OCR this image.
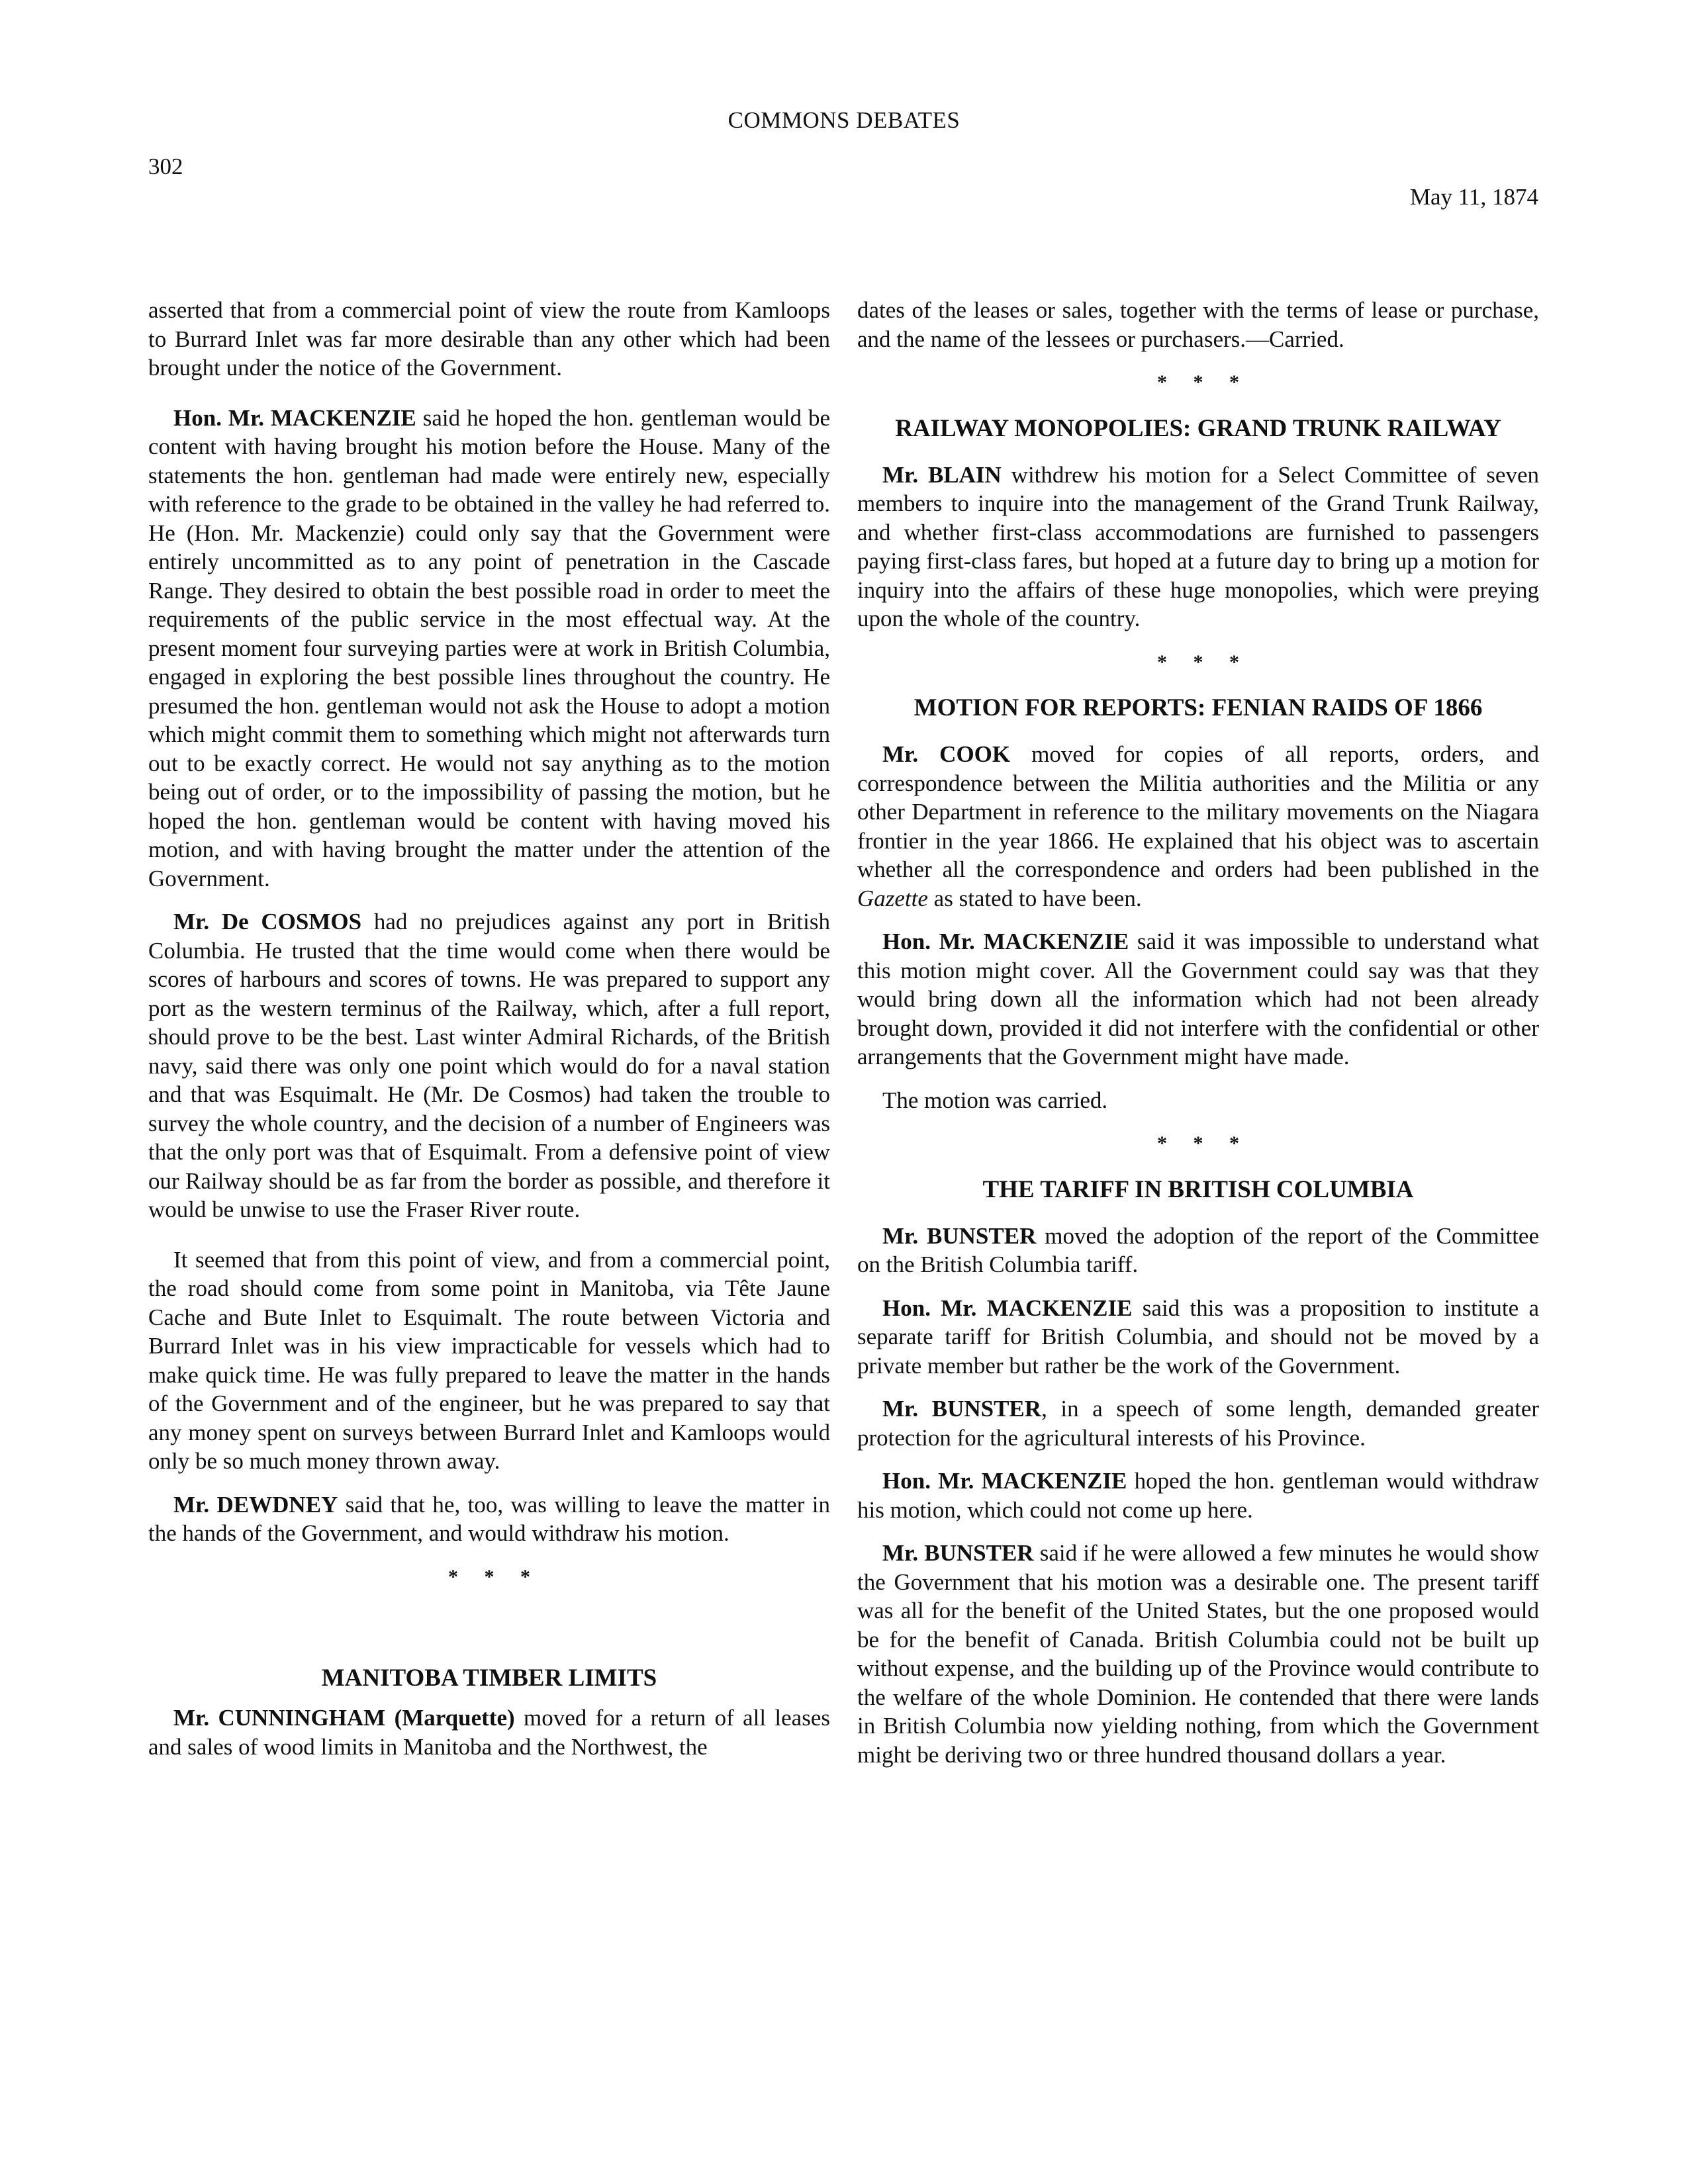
COMMONS DEBATES
302
May 11, 1874

asserted that from a commercial point of view the route from Kamloops to Burrard Inlet was far more desirable than any other which had been brought under the notice of the Government.

Hon. Mr. MACKENZIE said he hoped the hon. gentleman would be content with having brought his motion before the House. Many of the statements the hon. gentleman had made were entirely new, especially with reference to the grade to be obtained in the valley he had referred to. He (Hon. Mr. Mackenzie) could only say that the Government were entirely uncommitted as to any point of penetration in the Cascade Range. They desired to obtain the best possible road in order to meet the requirements of the public service in the most effectual way. At the present moment four surveying parties were at work in British Columbia, engaged in exploring the best possible lines throughout the country. He presumed the hon. gentleman would not ask the House to adopt a motion which might commit them to something which might not afterwards turn out to be exactly correct. He would not say anything as to the motion being out of order, or to the impossibility of passing the motion, but he hoped the hon. gentleman would be content with having moved his motion, and with having brought the matter under the attention of the Government.

Mr. De COSMOS had no prejudices against any port in British Columbia. He trusted that the time would come when there would be scores of harbours and scores of towns. He was prepared to support any port as the western terminus of the Railway, which, after a full report, should prove to be the best. Last winter Admiral Richards, of the British navy, said there was only one point which would do for a naval station and that was Esquimalt. He (Mr. De Cosmos) had taken the trouble to survey the whole country, and the decision of a number of Engineers was that the only port was that of Esquimalt. From a defensive point of view our Railway should be as far from the border as possible, and therefore it would be unwise to use the Fraser River route.

It seemed that from this point of view, and from a commercial point, the road should come from some point in Manitoba, via Tête Jaune Cache and Bute Inlet to Esquimalt. The route between Victoria and Burrard Inlet was in his view impracticable for vessels which had to make quick time. He was fully prepared to leave the matter in the hands of the Government and of the engineer, but he was prepared to say that any money spent on surveys between Burrard Inlet and Kamloops would only be so much money thrown away.

Mr. DEWDNEY said that he, too, was willing to leave the matter in the hands of the Government, and would withdraw his motion.

* * *
MANITOBA TIMBER LIMITS

Mr. CUNNINGHAM (Marquette) moved for a return of all leases and sales of wood limits in Manitoba and the Northwest, the

dates of the leases or sales, together with the terms of lease or purchase, and the name of the lessees or purchasers.—Carried.

* * *
RAILWAY MONOPOLIES: GRAND TRUNK RAILWAY

Mr. BLAIN withdrew his motion for a Select Committee of seven members to inquire into the management of the Grand Trunk Railway, and whether first-class accommodations are furnished to passengers paying first-class fares, but hoped at a future day to bring up a motion for inquiry into the affairs of these huge monopolies, which were preying upon the whole of the country.

* * *
MOTION FOR REPORTS: FENIAN RAIDS OF 1866

Mr. COOK moved for copies of all reports, orders, and correspondence between the Militia authorities and the Militia or any other Department in reference to the military movements on the Niagara frontier in the year 1866. He explained that his object was to ascertain whether all the correspondence and orders had been published in the Gazette as stated to have been.

Hon. Mr. MACKENZIE said it was impossible to understand what this motion might cover. All the Government could say was that they would bring down all the information which had not been already brought down, provided it did not interfere with the confidential or other arrangements that the Government might have made.

The motion was carried.

* * *
THE TARIFF IN BRITISH COLUMBIA

Mr. BUNSTER moved the adoption of the report of the Committee on the British Columbia tariff.

Hon. Mr. MACKENZIE said this was a proposition to institute a separate tariff for British Columbia, and should not be moved by a private member but rather be the work of the Government.

Mr. BUNSTER, in a speech of some length, demanded greater protection for the agricultural interests of his Province.

Hon. Mr. MACKENZIE hoped the hon. gentleman would withdraw his motion, which could not come up here.

Mr. BUNSTER said if he were allowed a few minutes he would show the Government that his motion was a desirable one. The present tariff was all for the benefit of the United States, but the one proposed would be for the benefit of Canada. British Columbia could not be built up without expense, and the building up of the Province would contribute to the welfare of the whole Dominion. He contended that there were lands in British Columbia now yielding nothing, from which the Government might be deriving two or three hundred thousand dollars a year.
